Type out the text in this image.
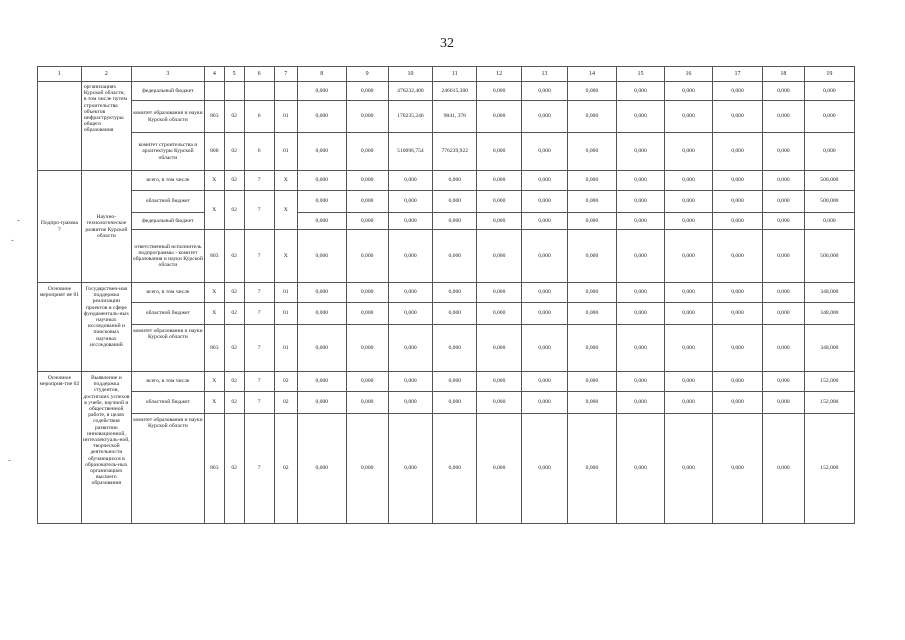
32
-
-
-
1	2	3	4	5	6	7	8	9	10	11	12	13	14	15	16	17	18	19
	организациях Курской области, в том числе путем строительства объектов инфраструктуры общего образования	федеральный бюджет					0,000	0,000	476232,400	246615,300	0,000	0,000	0,000	0,000	0,000	0,000	0,000	0,000
		комитет образования и науки Курской области	803	02	6	01	0,000	0,000	170235,246	9841, 378	0,000	0,000	0,000	0,000	0,000	0,000	0,000	0,000
		комитет строительства и архитектуры Курской области	808	02	6	01	0,000	0,000	510096,754	776239,922	0,000	0,000	0,000	0,000	0,000	0,000	0,000	0,000
Подпро-грамма 7	Научно-технологическое развитие Курской области	всего, в том числе	Х	02	7	Х	0,000	0,000	0,000	0,000	0,000	0,000	0,000	0,000	0,000	0,000	0,000	500,000
		областной бюджет	Х	02	7	Х	0,000	0,000	0,000	0,000	0,000	0,000	0,000	0,000	0,000	0,000	0,000	500,000
		федеральный бюджет					0,000	0,000	0,000	0,000	0,000	0,000	0,000	0,000	0,000	0,000	0,000	0,000
		ответственный исполнитель подпрограммы - комитет образования и науки Курской области	803	02	7	Х	0,000	0,000	0,000	0,000	0,000	0,000	0,000	0,000	0,000	0,000	0,000	500,000
Основное мероприят ие 01	Государствен-ная поддержка реализации проектов в сфере фундаменталь-ных научных исследований и поисковых научных исследований	всего, в том числе	Х	02	7	01	0,000	0,000	0,000	0,000	0,000	0,000	0,000	0,000	0,000	0,000	0,000	348,000
		областной бюджет	Х	02	7	01	0,000	0,000	0,000	0,000	0,000	0,000	0,000	0,000	0,000	0,000	0,000	348,000
		комитет образования и науки Курской области	803	02	7	01	0,000	0,000	0,000	0,000	0,000	0,000	0,000	0,000	0,000	0,000	0,000	348,000
Основное мероприя-тие 02	Выявление и поддержка студентов, достигших успехов в учебе, научной и общественной работе, в целях содействия развитию инновационной, интеллектуаль-ной, творческой деятельности обучающихся в образователь-ных организациях высшего образования	всего, в том числе	Х	02	7	02	0,000	0,000	0,000	0,000	0,000	0,000	0,000	0,000	0,000	0,000	0,000	152,000
		областной бюджет	Х	02	7	02	0,000	0,000	0,000	0,000	0,000	0,000	0,000	0,000	0,000	0,000	0,000	152,000
		комитет образования и науки Курской области	803	02	7	02	0,000	0,000	0,000	0,000	0,000	0,000	0,000	0,000	0,000	0,000	0,000	152,000
